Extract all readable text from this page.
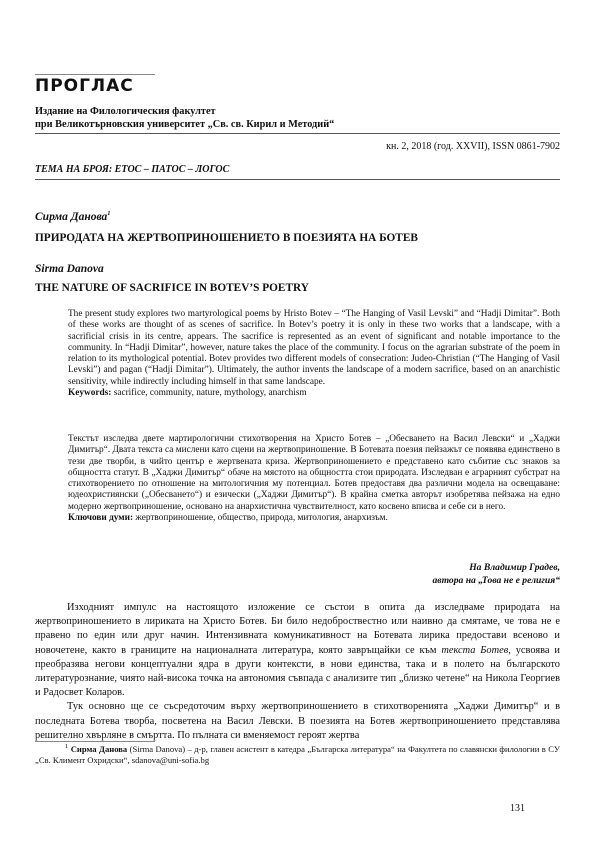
ПРОГЛАС
Издание на Филологическия факултет
при Великотърновския университет „Св. св. Кирил и Методий“
кн. 2, 2018 (год. XXVII), ISSN 0861-7902
ТЕМА НА БРОЯ: ЕТОС – ПАТОС – ЛОГОС
Сирма Данова$^1$
ПРИРОДАТА НА ЖЕРТВОПРИНОШЕНИЕТО В ПОЕЗИЯТА НА БОТЕВ
Sirma Danova
THE NATURE OF SACRIFICE IN BOTEV’S POETRY

The present study explores two martyrological poems by Hristo Botev – “The Hanging of Vasil Levski” and “Hadji Dimitar”. Both of these works are thought of as scenes of sacrifice. In Botev’s poetry it is only in these two works that a landscape, with a sacrificial crisis in its centre, appears. The sacrifice is represented as an event of significant and notable importance to the community. In “Hadji Dimitar”, however, nature takes the place of the community. I focus on the agrarian substrate of the poem in relation to its mythological potential. Botev provides two different models of consecration: Judeo-Christian (“The Hanging of Vasil Levski”) and pagan (“Hadji Dimitar”). Ultimately, the author invents the landscape of a modern sacrifice, based on an anarchistic sensitivity, while indirectly including himself in that same landscape.

Keywords: sacrifice, community, nature, mythology, anarchism

Текстът изследва двете мартирологични стихотворения на Христо Ботев – „Обесването на Васил Левски“ и „Хаджи Димитър“. Двата текста са мислени като сцени на жертвоприношение. В Ботевата поезия пейзажът се появява единствено в тези две творби, в чийто център е жертвената криза. Жертвоприношението е представено като събитие със знаков за общността статут. В „Хаджи Димитър“ обаче на мястото на общността стои природата. Изследван е аграрният субстрат на стихотворението по отношение на митологичния му потенциал. Ботев предоставя два различни модела на освещаване: юдеохристиянски („Обесването“) и езически („Хаджи Димитър“). В крайна сметка авторът изобретява пейзажа на едно модерно жертвоприношение, основано на анархистична чувствителност, като косвено вписва и себе си в него.

Ключови думи: жертвоприношение, общество, природа, митология, анархизъм.

На Владимир Градев,
автора на „Това не е религия“

Изходният импулс на настоящото изложение се състои в опита да изследваме природата на жертвоприношението в лириката на Христо Ботев. Би било недоброствестно или наивно да смятаме, че това не е правено по един или друг начин. Интензивната комуникативност на Ботевата лирика предостави всеново и новочетене, както в границите на националната литература, която завръщайки се към текста Ботев, усвоява и преобразява негови концептуални ядра в други контексти, в нови единства, така и в полето на българското литературознание, чиято най-висока точка на автономия съвпада с анализите тип „близко четене“ на Никола Георгиев и Радосвет Коларов.

Тук основно ще се съсредоточим върху жертвоприношението в стихотворенията „Хаджи Димитър“ и в последната Ботева творба, посветена на Васил Левски. В поезията на Ботев жертвоприношението представлява решително хвърляне в смъртта. По пълната си вменяемост героят жертва

$^1$ Сирма Данова (Sirma Danova) – д-р, главен асистент в катедра „Българска литература“ на Факултета по славянски филологии в СУ „Св. Климент Охридски“, sdanova@uni-sofia.bg
131
